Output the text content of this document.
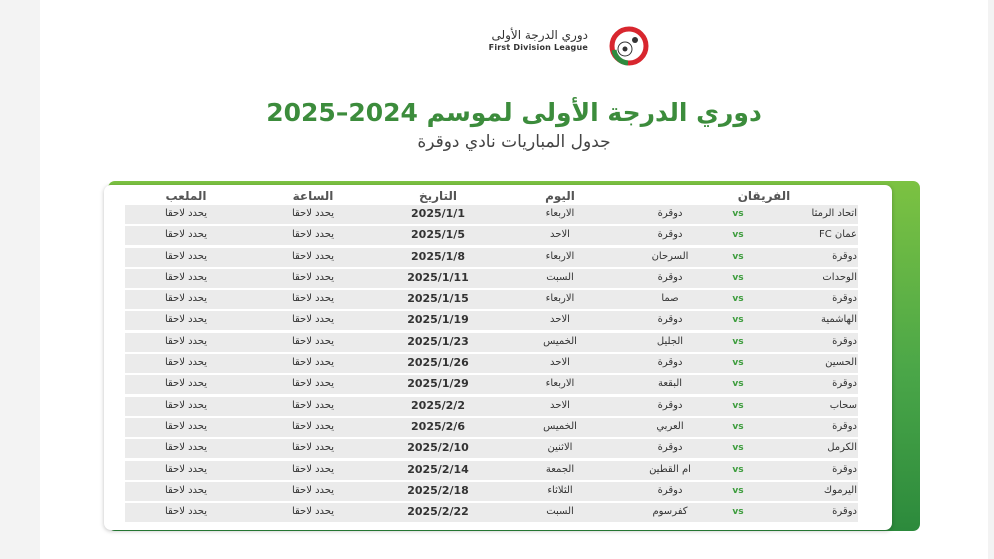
دوري الدرجة الأولى
First Division League
دوري الدرجة الأولى لموسم 2024–2025
جدول المباريات نادي دوقرة
الملعب	الساعة	التاريخ	اليوم	الفريقان
يحدد لاحقا	يحدد لاحقا	2025/1/1	الاربعاء	دوقرة	vs	اتحاد الرمثا
يحدد لاحقا	يحدد لاحقا	2025/1/5	الاحد	دوقرة	vs	عمان FC
يحدد لاحقا	يحدد لاحقا	2025/1/8	الاربعاء	السرحان	vs	دوقرة
يحدد لاحقا	يحدد لاحقا	2025/1/11	السبت	دوقرة	vs	الوحدات
يحدد لاحقا	يحدد لاحقا	2025/1/15	الاربعاء	صما	vs	دوقرة
يحدد لاحقا	يحدد لاحقا	2025/1/19	الاحد	دوقرة	vs	الهاشمية
يحدد لاحقا	يحدد لاحقا	2025/1/23	الخميس	الجليل	vs	دوقرة
يحدد لاحقا	يحدد لاحقا	2025/1/26	الاحد	دوقرة	vs	الحسين
يحدد لاحقا	يحدد لاحقا	2025/1/29	الاربعاء	البقعة	vs	دوقرة
يحدد لاحقا	يحدد لاحقا	2025/2/2	الاحد	دوقرة	vs	سحاب
يحدد لاحقا	يحدد لاحقا	2025/2/6	الخميس	العربي	vs	دوقرة
يحدد لاحقا	يحدد لاحقا	2025/2/10	الاثنين	دوقرة	vs	الكرمل
يحدد لاحقا	يحدد لاحقا	2025/2/14	الجمعة	ام القطين	vs	دوقرة
يحدد لاحقا	يحدد لاحقا	2025/2/18	الثلاثاء	دوقرة	vs	اليرموك
يحدد لاحقا	يحدد لاحقا	2025/2/22	السبت	كفرسوم	vs	دوقرة
